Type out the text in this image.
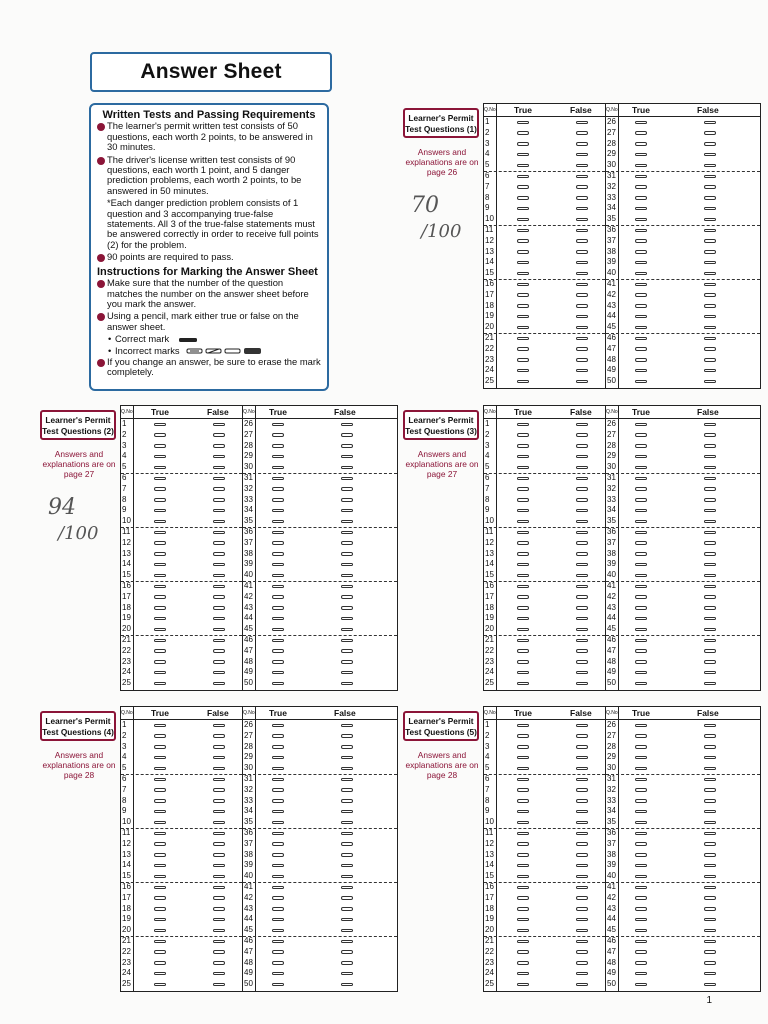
Answer Sheet
Written Tests and Passing Requirements
The learner's permit written test consists of 50 questions, each worth 2 points, to be answered in 30 minutes.
The driver's license written test consists of 90 questions, each worth 1 point, and 5 danger prediction problems, each worth 2 points, to be answered in 50 minutes.
*Each danger prediction problem consists of 1 question and 3 accompanying true-false statements. All 3 of the true-false statements must be answered correctly in order to receive full points (2) for the problem.
90 points are required to pass.
Instructions for Marking the Answer Sheet
Make sure that the number of the question matches the number on the answer sheet before you mark the answer.
Using a pencil, mark either true or false on the answer sheet.
• Correct mark
• Incorrect marks
If you change an answer, be sure to erase the mark completely.
Learner's Permit Test Questions (1)
Answers and explanations are on page 26
70
/100
Q.No. True	False
1
2
3
4
5
6
7
8
9
10
11
12
13
14
15
16
17
18
19
20
21
22
23
24
25
Q.No. True	False
26
27
28
29
30
31
32
33
34
35
36
37
38
39
40
41
42
43
44
45
46
47
48
49
50
Learner's Permit Test Questions (2)
Answers and explanations are on page 27
94
/100
Q.No. True	False
1
2
3
4
5
6
7
8
9
10
11
12
13
14
15
16
17
18
19
20
21
22
23
24
25
Q.No. True	False
26
27
28
29
30
31
32
33
34
35
36
37
38
39
40
41
42
43
44
45
46
47
48
49
50
Learner's Permit Test Questions (3)
Answers and explanations are on page 27
Q.No. True	False
1
2
3
4
5
6
7
8
9
10
11
12
13
14
15
16
17
18
19
20
21
22
23
24
25
Q.No. True	False
26
27
28
29
30
31
32
33
34
35
36
37
38
39
40
41
42
43
44
45
46
47
48
49
50
Learner's Permit Test Questions (4)
Answers and explanations are on page 28
Q.No. True	False
1
2
3
4
5
6
7
8
9
10
11
12
13
14
15
16
17
18
19
20
21
22
23
24
25
Q.No. True	False
26
27
28
29
30
31
32
33
34
35
36
37
38
39
40
41
42
43
44
45
46
47
48
49
50
Learner's Permit Test Questions (5)
Answers and explanations are on page 28
Q.No. True	False
1
2
3
4
5
6
7
8
9
10
11
12
13
14
15
16
17
18
19
20
21
22
23
24
25
Q.No. True	False
26
27
28
29
30
31
32
33
34
35
36
37
38
39
40
41
42
43
44
45
46
47
48
49
50
1
